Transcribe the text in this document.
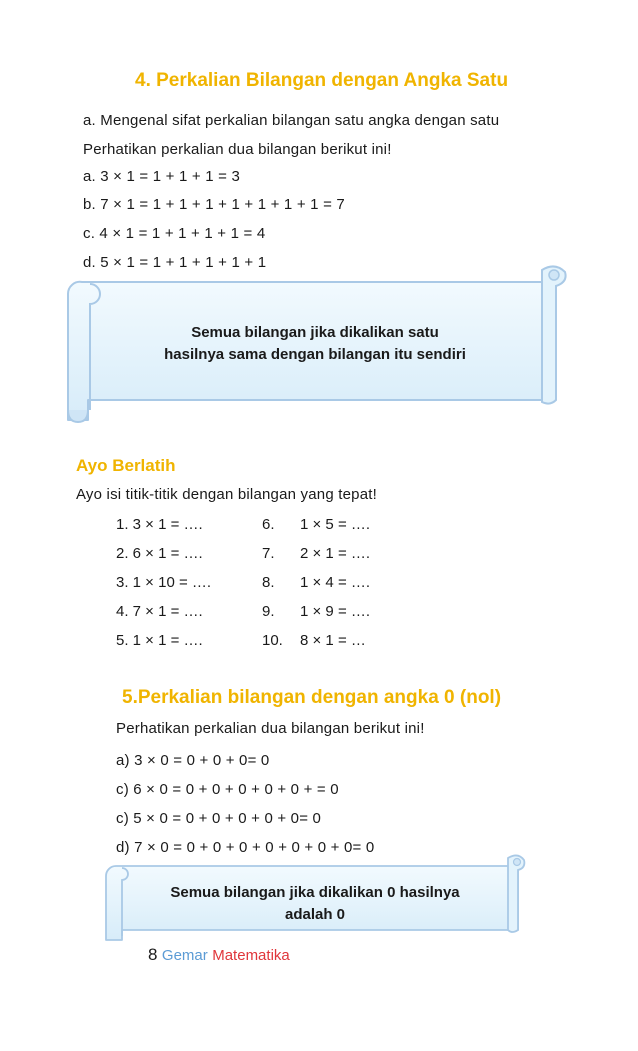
4. Perkalian Bilangan dengan Angka Satu
a. Mengenal sifat perkalian bilangan satu angka dengan satu
Perhatikan perkalian dua bilangan berikut ini!
a. 3 × 1 = 1 + 1 + 1 = 3
b. 7 × 1 = 1 + 1 + 1 + 1 + 1 + 1 + 1 = 7
c. 4 × 1 = 1 + 1 + 1 + 1 = 4
d. 5 × 1 = 1 + 1 + 1 + 1 + 1
Semua bilangan jika dikalikan satu
hasilnya sama dengan bilangan itu sendiri
Ayo Berlatih
Ayo isi titik-titik dengan bilangan yang tepat!
1. 3 × 1 = ….	6. 1 × 5 = ….
2. 6 × 1 = ….	7. 2 × 1 = ….
3. 1 × 10 = ….	8. 1 × 4 = ….
4. 7 × 1 = ….	9. 1 × 9 = ….
5. 1 × 1 = ….	10. 8 × 1 = …
5.Perkalian bilangan dengan angka 0 (nol)
Perhatikan perkalian dua bilangan berikut ini!
a) 3 × 0 = 0 + 0 + 0= 0
c) 6 × 0 = 0 + 0 + 0 + 0 + 0 + = 0
c) 5 × 0 = 0 + 0 + 0 + 0 + 0= 0
d) 7 × 0 = 0 + 0 + 0 + 0 + 0 + 0 + 0= 0
Semua bilangan jika dikalikan 0 hasilnya
adalah 0
8 Gemar Matematika
